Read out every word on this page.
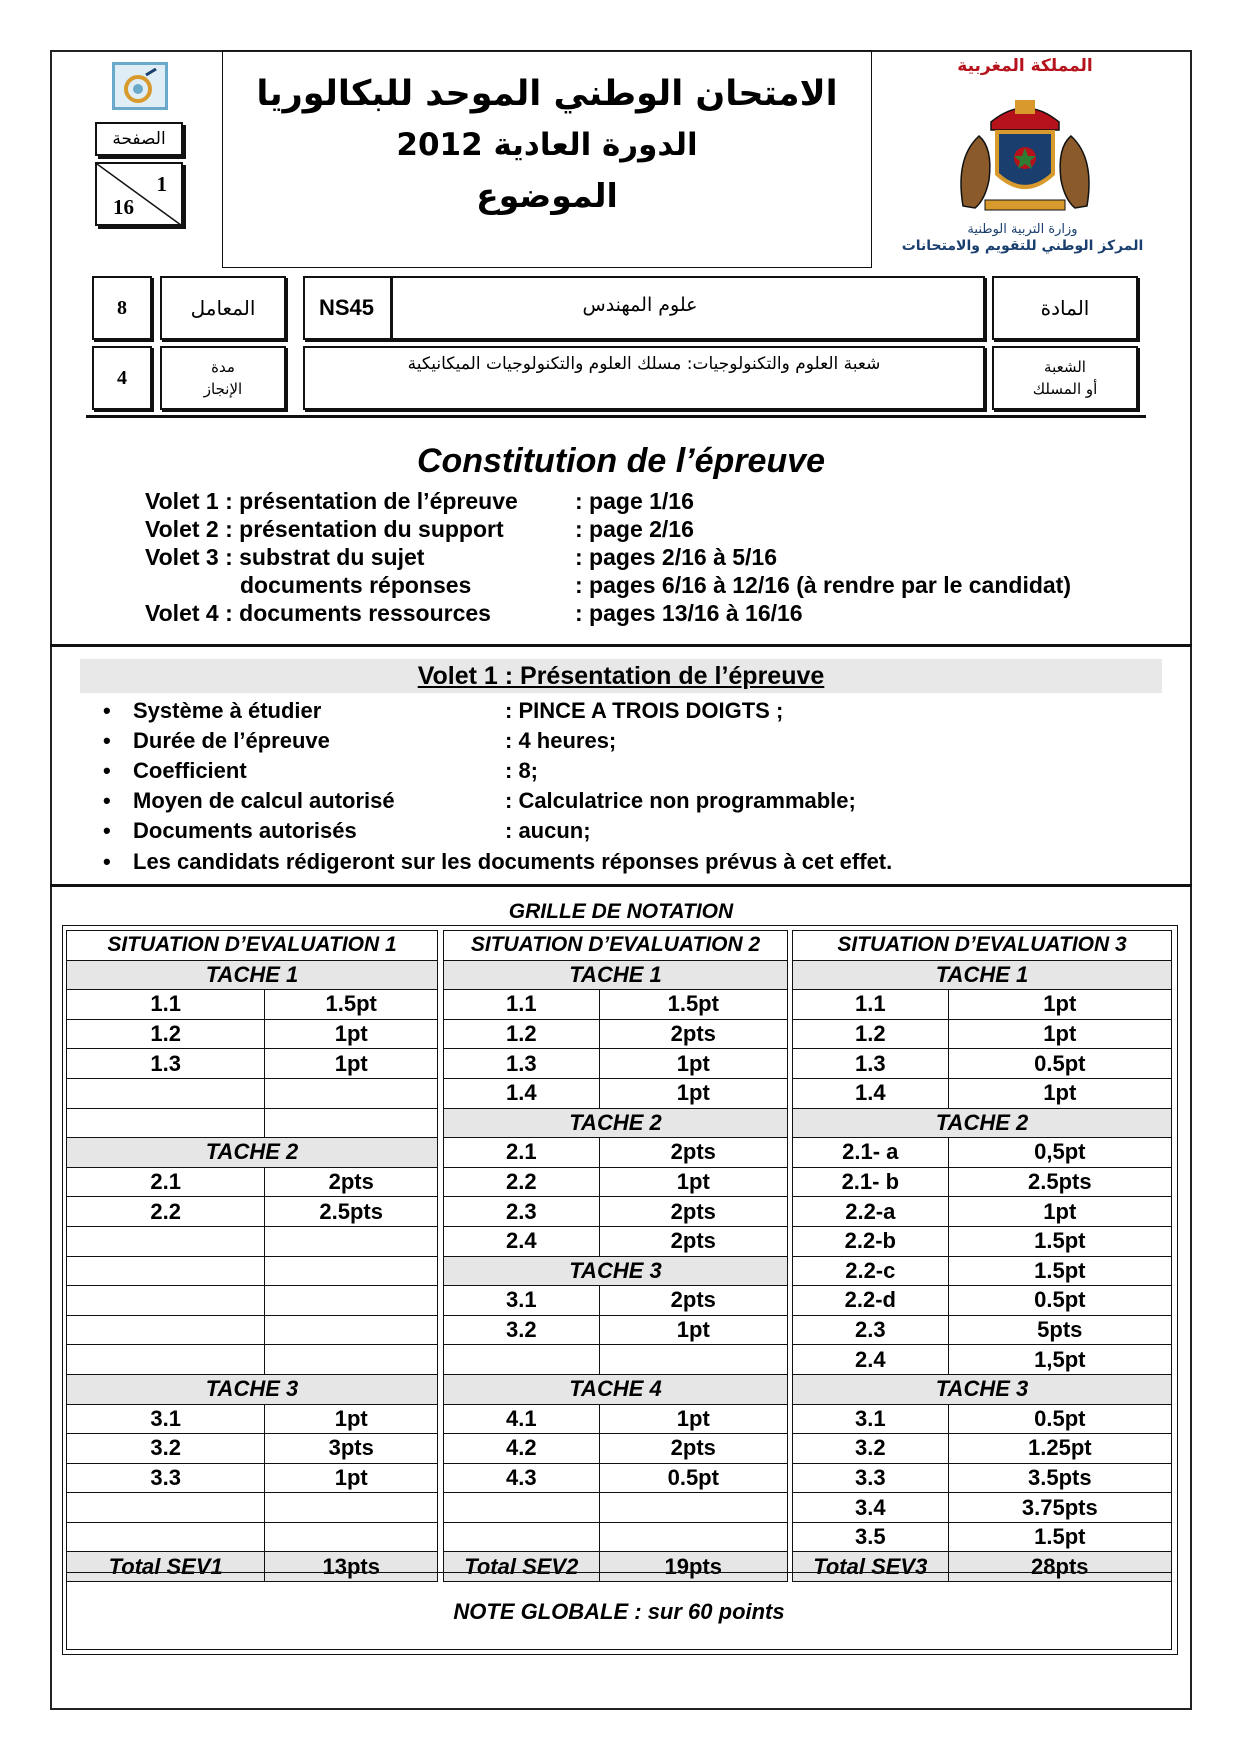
الصفحة
1
16
الامتحان الوطني الموحد للبكالوريا
الدورة العادية 2012
الموضوع
المملكة المغربية
وزارة التربية الوطنية
المركز الوطني للتقويم والامتحانات
8	المعامل	NS45	علوم المهندس	المادة
4	مدة
الإنجاز
شعبة العلوم والتكنولوجيات: مسلك العلوم والتكنولوجيات الميكانيكية	الشعبة
أو المسلك
Constitution de l’épreuve
Volet 1 : présentation de l’épreuve : page 1/16
Volet 2 : présentation du support	: page 2/16
Volet 3 : substrat du sujet	: pages 2/16 à 5/16
documents réponses	: pages 6/16 à 12/16 (à rendre par le candidat)
Volet 4 : documents ressources	: pages 13/16 à 16/16
Volet 1 : Présentation de l’épreuve
• Système à étudier	: PINCE A TROIS DOIGTS ;
• Durée de l’épreuve	: 4 heures;
• Coefficient	: 8;
• Moyen de calcul autorisé	: Calculatrice non programmable;
• Documents autorisés	: aucun;
• Les candidats rédigeront sur les documents réponses prévus à cet effet.
GRILLE DE NOTATION
SITUATION D’EVALUATION 1	
TACHE 1	
1.1	1.5pt
1.2	1pt
1.3	1pt

TACHE 2	
2.1	2pts
2.2	2.5pts

TACHE 3	
3.1	1pt
3.2	3pts
3.3	1pt

Total SEV1	13pts
SITUATION D’EVALUATION 2	
TACHE 1	
1.1	1.5pt
1.2	2pts
1.3	1pt
1.4	1pt
TACHE 2	
2.1	2pts
2.2	1pt
2.3	2pts
2.4	2pts
TACHE 3	
3.1	2pts
3.2	1pt

TACHE 4	
4.1	1pt
4.2	2pts
4.3	0.5pt

Total SEV2	19pts
SITUATION D’EVALUATION 3	
TACHE 1	
1.1	1pt
1.2	1pt
1.3	0.5pt
1.4	1pt
TACHE 2	
2.1- a	0,5pt
2.1- b	2.5pts
2.2-a	1pt
2.2-b	1.5pt
2.2-c	1.5pt
2.2-d	0.5pt
2.3	5pts
2.4	1,5pt
TACHE 3	
3.1	0.5pt
3.2	1.25pt
3.3	3.5pts
3.4	3.75pts
3.5	1.5pt
Total SEV3	28pts
NOTE GLOBALE : sur 60 points
